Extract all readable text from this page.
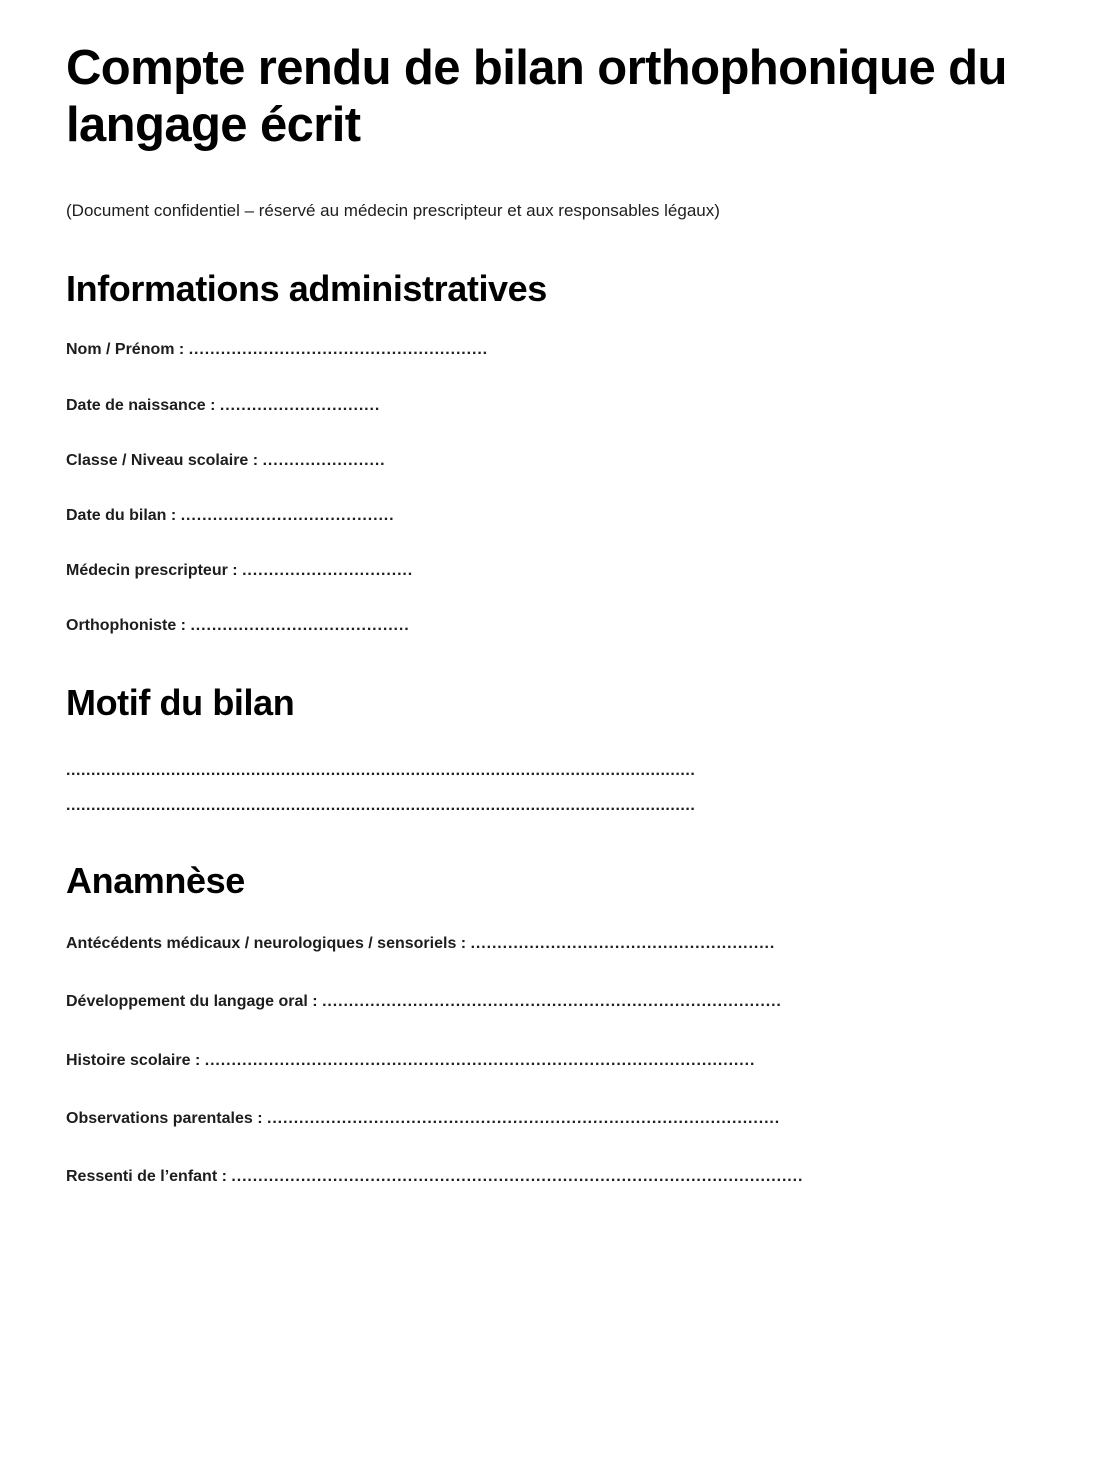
Compte rendu de bilan orthophonique du langage écrit

(Document confidentiel – réservé au médecin prescripteur et aux responsables légaux)

Informations administratives
Nom / Prénom : ........................................................
Date de naissance : ..............................
Classe / Niveau scolaire : .......................
Date du bilan : ........................................
Médecin prescripteur : ................................
Orthophoniste : .........................................
Motif du bilan
..............................................................................................................................
..............................................................................................................................
Anamnèse
Antécédents médicaux / neurologiques / sensoriels : .........................................................
Développement du langage oral : ......................................................................................
Histoire scolaire : .......................................................................................................
Observations parentales : ................................................................................................
Ressenti de l’enfant : ...........................................................................................................
